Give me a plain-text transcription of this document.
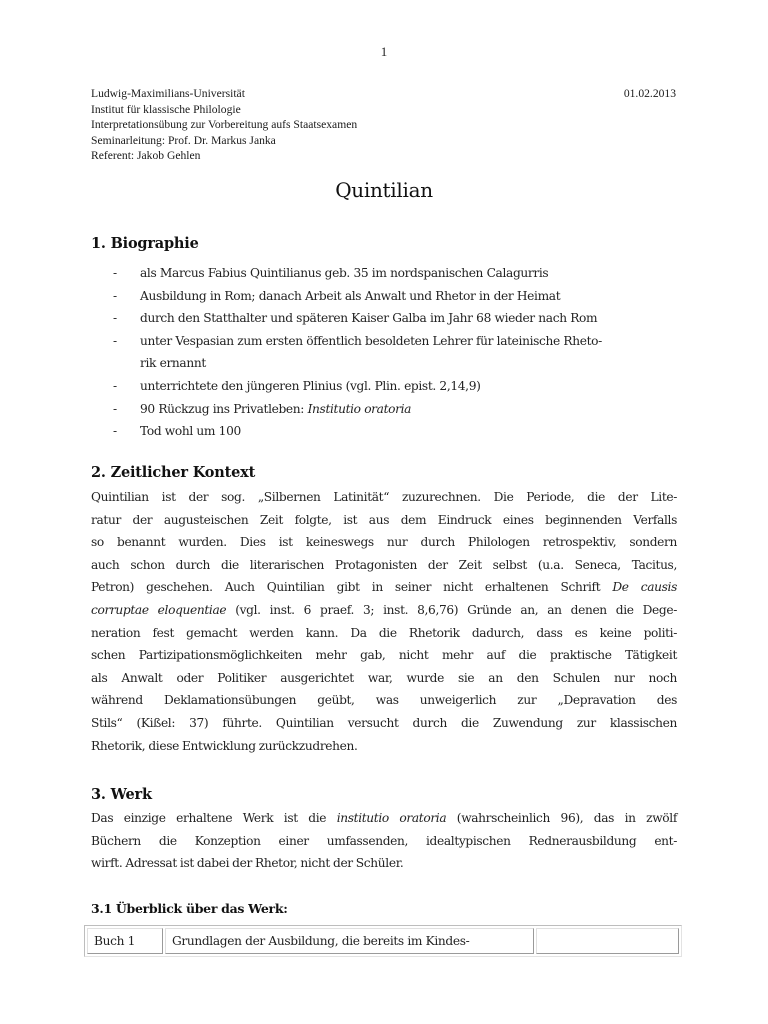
1
Ludwig-Maximilians-Universität
Institut für klassische Philologie
Interpretationsübung zur Vorbereitung aufs Staatsexamen
Seminarleitung: Prof. Dr. Markus Janka
Referent: Jakob Gehlen
01.02.2013
Quintilian
1. Biographie
- als Marcus Fabius Quintilianus geb. 35 im nordspanischen Calagurris
- Ausbildung in Rom; danach Arbeit als Anwalt und Rhetor in der Heimat
- durch den Statthalter und späteren Kaiser Galba im Jahr 68 wieder nach Rom
- unter Vespasian zum ersten öffentlich besoldeten Lehrer für lateinische Rheto-
rik ernannt
- unterrichtete den jüngeren Plinius (vgl. Plin. epist. 2,14,9)
- 90 Rückzug ins Privatleben: Institutio oratoria
- Tod wohl um 100
2. Zeitlicher Kontext
Quintilian ist der sog. „Silbernen Latinität“ zuzurechnen. Die Periode, die der Lite-
ratur der augusteischen Zeit folgte, ist aus dem Eindruck eines beginnenden Verfalls
so benannt wurden. Dies ist keineswegs nur durch Philologen retrospektiv, sondern
auch schon durch die literarischen Protagonisten der Zeit selbst (u.a. Seneca, Tacitus,
Petron) geschehen. Auch Quintilian gibt in seiner nicht erhaltenen Schrift De causis
corruptae eloquentiae (vgl. inst. 6 praef. 3; inst. 8,6,76) Gründe an, an denen die Dege-
neration fest gemacht werden kann. Da die Rhetorik dadurch, dass es keine politi-
schen Partizipationsmöglichkeiten mehr gab, nicht mehr auf die praktische Tätigkeit
als Anwalt oder Politiker ausgerichtet war, wurde sie an den Schulen nur noch
während Deklamationsübungen geübt, was unweigerlich zur „Depravation des
Stils“ (Kißel: 37) führte. Quintilian versucht durch die Zuwendung zur klassischen
Rhetorik, diese Entwicklung zurückzudrehen.
3. Werk
Das einzige erhaltene Werk ist die institutio oratoria (wahrscheinlich 96), das in zwölf
Büchern die Konzeption einer umfassenden, idealtypischen Rednerausbildung ent-
wirft. Adressat ist dabei der Rhetor, nicht der Schüler.
3.1 Überblick über das Werk:
Buch 1	Grundlagen der Ausbildung, die bereits im Kindes-	
